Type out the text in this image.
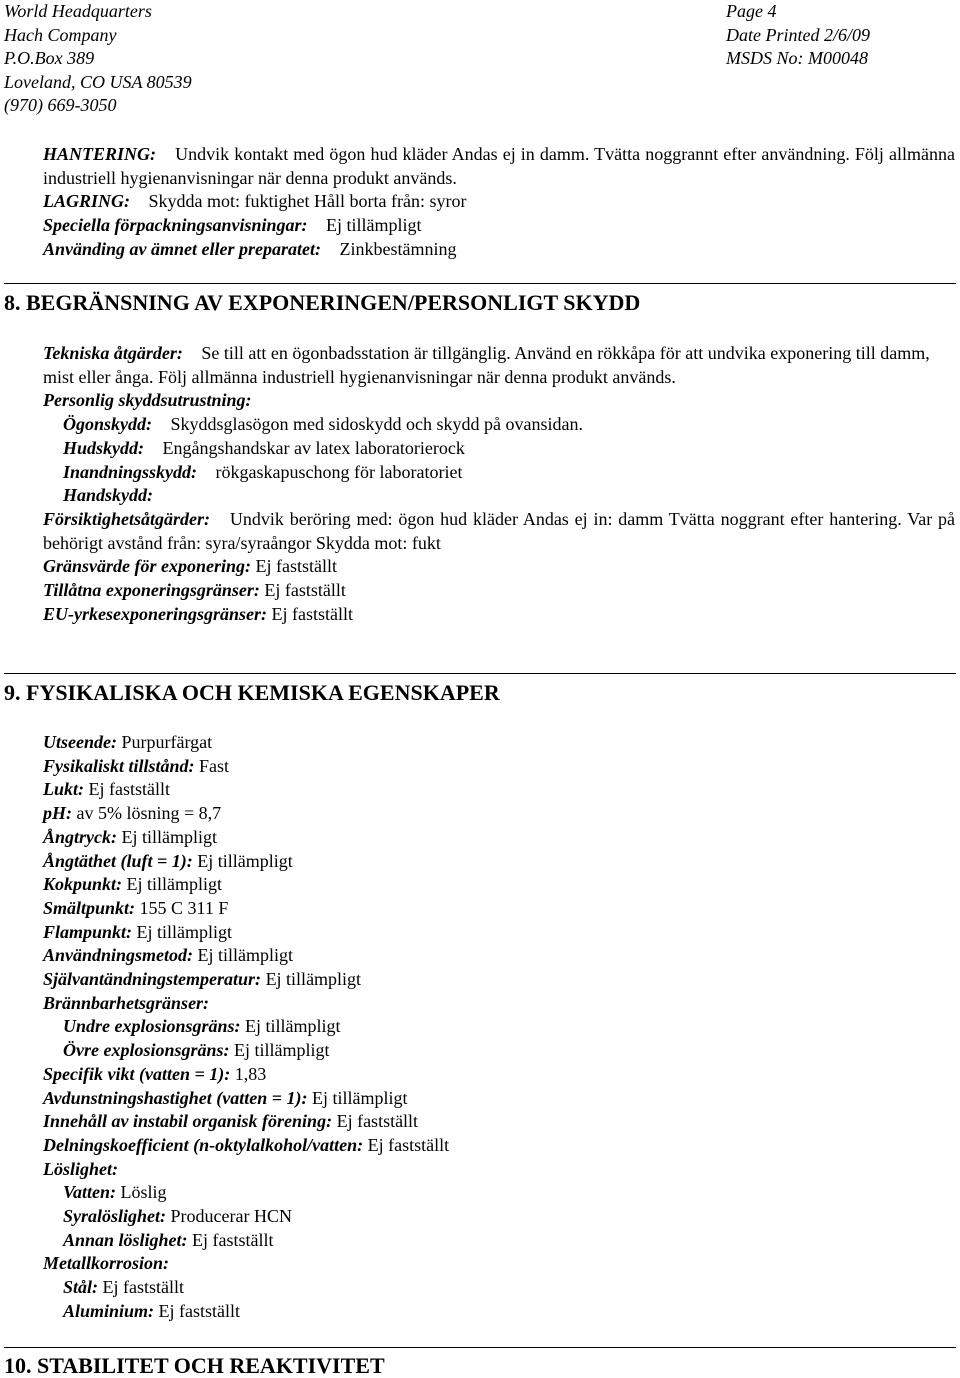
World Headquarters
Hach Company
P.O.Box 389
Loveland, CO USA 80539
(970) 669-3050
Page 4
Date Printed 2/6/09
MSDS No: M00048
HANTERING: Undvik kontakt med ögon hud kläder Andas ej in damm. Tvätta noggrannt efter användning. Följ allmänna industriell hygienanvisningar när denna produkt används.
LAGRING: Skydda mot: fuktighet Håll borta från: syror
Speciella förpackningsanvisningar: Ej tillämpligt
Använding av ämnet eller preparatet: Zinkbestämning
8. BEGRÄNSNING AV EXPONERINGEN/PERSONLIGT SKYDD
Tekniska åtgärder: Se till att en ögonbadsstation är tillgänglig. Använd en rökkåpa för att undvika exponering till damm, mist eller ånga. Följ allmänna industriell hygienanvisningar när denna produkt används.
Personlig skyddsutrustning:
Ögonskydd: Skyddsglasögon med sidoskydd och skydd på ovansidan.
Hudskydd: Engångshandskar av latex laboratorierock
Inandningsskydd: rökgaskapuschong för laboratoriet
Handskydd:
Försiktighetsåtgärder: Undvik beröring med: ögon hud kläder Andas ej in: damm Tvätta noggrant efter hantering. Var på behörigt avstånd från: syra/syraångor Skydda mot: fukt
Gränsvärde för exponering: Ej fastställt
Tillåtna exponeringsgränser: Ej fastställt
EU-yrkesexponeringsgränser: Ej fastställt
9. FYSIKALISKA OCH KEMISKA EGENSKAPER
Utseende: Purpurfärgat
Fysikaliskt tillstånd: Fast
Lukt: Ej fastställt
pH: av 5% lösning = 8,7
Ångtryck: Ej tillämpligt
Ångtäthet (luft = 1): Ej tillämpligt
Kokpunkt: Ej tillämpligt
Smältpunkt: 155 C 311 F
Flampunkt: Ej tillämpligt
Användningsmetod: Ej tillämpligt
Självantändningstemperatur: Ej tillämpligt
Brännbarhetsgränser:
Undre explosionsgräns: Ej tillämpligt
Övre explosionsgräns: Ej tillämpligt
Specifik vikt (vatten = 1): 1,83
Avdunstningshastighet (vatten = 1): Ej tillämpligt
Innehåll av instabil organisk förening: Ej fastställt
Delningskoefficient (n-oktylalkohol/vatten: Ej fastställt
Löslighet:
Vatten: Löslig
Syralöslighet: Producerar HCN
Annan löslighet: Ej fastställt
Metallkorrosion:
Stål: Ej fastställt
Aluminium: Ej fastställt
10. STABILITET OCH REAKTIVITET
